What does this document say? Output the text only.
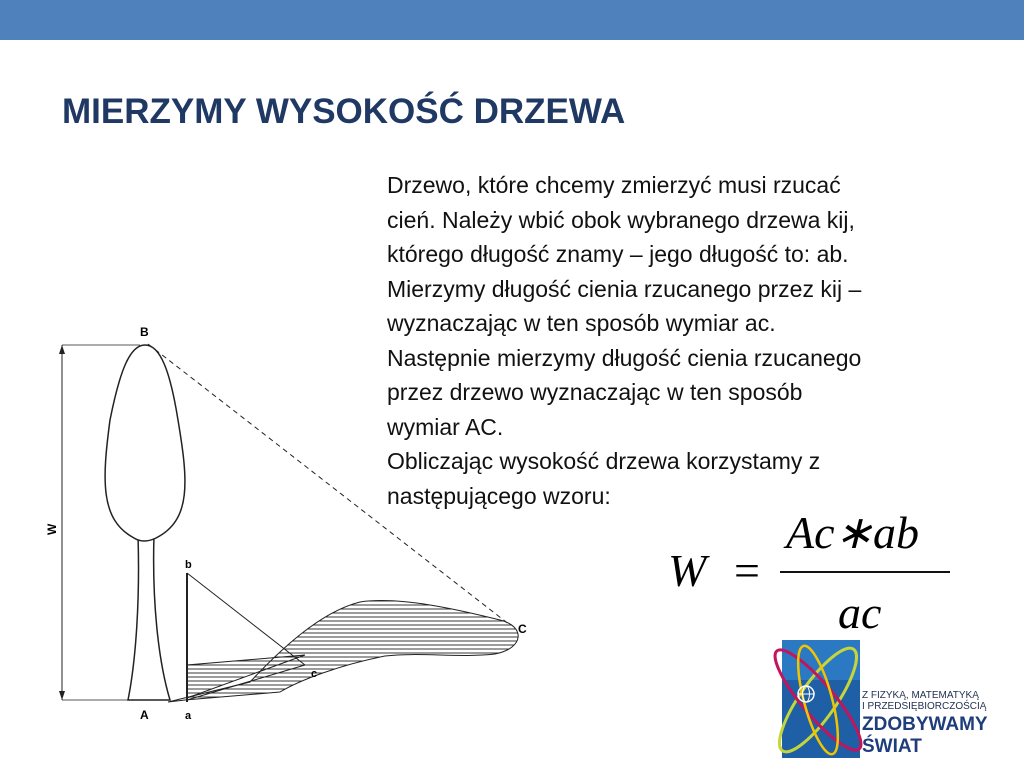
MIERZYMY WYSOKOŚĆ DRZEWA
Drzewo, które chcemy zmierzyć musi rzucać
cień. Należy wbić obok wybranego drzewa kij,
którego długość znamy – jego długość to: ab.
Mierzymy długość cienia rzucanego przez kij –
wyznaczając w ten sposób wymiar ac.
Następnie mierzymy długość cienia rzucanego
przez drzewo wyznaczając w ten sposób
wymiar AC.
Obliczając wysokość drzewa korzystamy z
następującego wzoru:
B
A
W
b
a
c
C
W =
Ac∗ab
ac
Z FIZYKĄ, MATEMATYKĄ
I PRZEDSIĘBIORCZOŚCIĄ
ZDOBYWAMY
ŚWIAT
